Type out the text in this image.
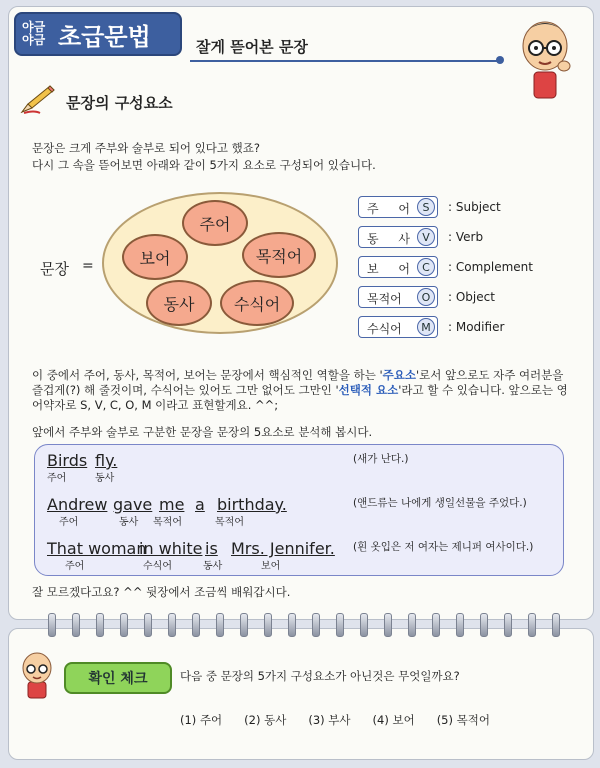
야금
야금 초급문법	잘게 뜯어본 문장
문장의 구성요소
문장은 크게 주부와 술부로 되어 있다고 했죠?
다시 그 속을 뜯어보면 아래와 같이 5가지 요소로 구성되어 있습니다.
문장 =
주어
보어	목적어
동사	수식어
주 어 S	: Subject
동 사 V	: Verb
보 어 C	: Complement
목적어	O	: Object
수식어	M	: Modifier
이 중에서 주어, 동사, 목적어, 보어는 문장에서 핵심적인 역할을 하는 '주요소'로서 앞으로도 자주 여러분을 즐겁게(?) 해 줄것이며, 수식어는 있어도 그만 없어도 그만인 '선택적 요소'라고 할 수 있습니다. 앞으로는 영어약자로 S, V, C, O, M 이라고 표현할게요. ^^;
앞에서 주부와 술부로 구분한 문장을 문장의 5요소로 분석해 봅시다.
Birds fly.
주어	동사
(새가 난다.)
Andrew gave me a birthday.
주어	동사 목적어	목적어
(앤드류는 나에게 생일선물을 주었다.)
That woman
in white is Mrs. Jennifer.
주어	수식어	동사	보어
(흰 옷입은 저 여자는 제니퍼 여사이다.)
잘 모르겠다고요? ^^ 뒷장에서 조금씩 배워갑시다.
확인 체크	다음 중 문장의 5가지 구성요소가 아닌것은 무엇일까요?
(1) 주어 (2) 동사 (3) 부사 (4) 보어 (5) 목적어
